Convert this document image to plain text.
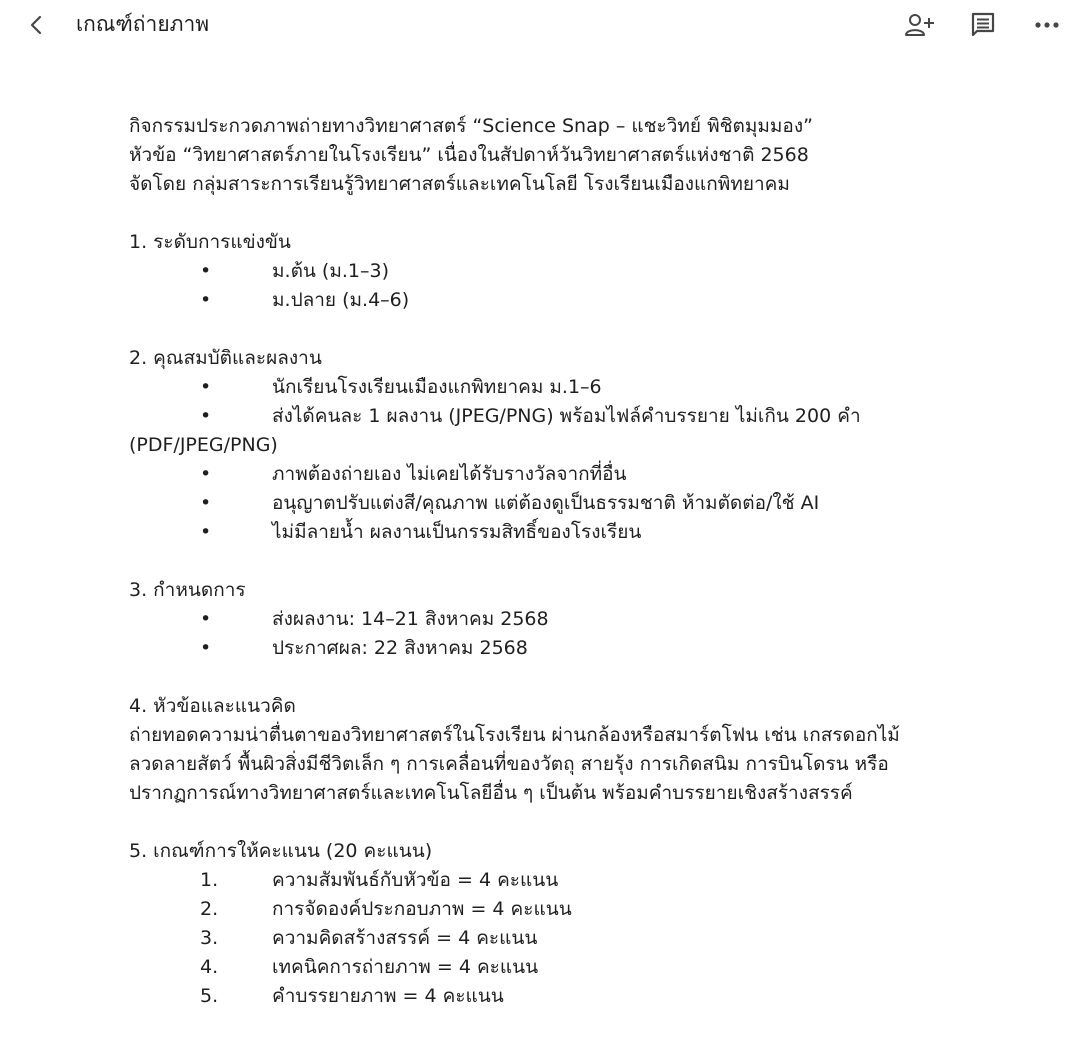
เกณฑ์ถ่ายภาพ

กิจกรรมประกวดภาพถ่ายทางวิทยาศาสตร์ “Science Snap – แชะวิทย์ พิชิตมุมมอง”

หัวข้อ “วิทยาศาสตร์ภายในโรงเรียน” เนื่องในสัปดาห์วันวิทยาศาสตร์แห่งชาติ 2568

จัดโดย กลุ่มสาระการเรียนรู้วิทยาศาสตร์และเทคโนโลยี โรงเรียนเมืองแกพิทยาคม

1. ระดับการแข่งขัน

•	ม.ต้น (ม.1–3)
•	ม.ปลาย (ม.4–6)

2. คุณสมบัติและผลงาน

•	นักเรียนโรงเรียนเมืองแกพิทยาคม ม.1–6
•	ส่งได้คนละ 1 ผลงาน (JPEG/PNG) พร้อมไฟล์คำบรรยาย ไม่เกิน 200 คำ (PDF/JPEG/PNG)
•	ภาพต้องถ่ายเอง ไม่เคยได้รับรางวัลจากที่อื่น
•	อนุญาตปรับแต่งสี/คุณภาพ แต่ต้องดูเป็นธรรมชาติ ห้ามตัดต่อ/ใช้ AI
•	ไม่มีลายน้ำ ผลงานเป็นกรรมสิทธิ์ของโรงเรียน

3. กำหนดการ

•	ส่งผลงาน: 14–21 สิงหาคม 2568
•	ประกาศผล: 22 สิงหาคม 2568

4. หัวข้อและแนวคิด

ถ่ายทอดความน่าตื่นตาของวิทยาศาสตร์ในโรงเรียน ผ่านกล้องหรือสมาร์ตโฟน เช่น เกสรดอกไม้ ลวดลายสัตว์ พื้นผิวสิ่งมีชีวิตเล็ก ๆ การเคลื่อนที่ของวัตถุ สายรุ้ง การเกิดสนิม การบินโดรน หรือปรากฏการณ์ทางวิทยาศาสตร์และเทคโนโลยีอื่น ๆ เป็นต้น พร้อมคำบรรยายเชิงสร้างสรรค์

5. เกณฑ์การให้คะแนน (20 คะแนน)

1.	ความสัมพันธ์กับหัวข้อ = 4 คะแนน
2.	การจัดองค์ประกอบภาพ = 4 คะแนน
3.	ความคิดสร้างสรรค์ = 4 คะแนน
4.	เทคนิคการถ่ายภาพ = 4 คะแนน
5.	คำบรรยายภาพ = 4 คะแนน
